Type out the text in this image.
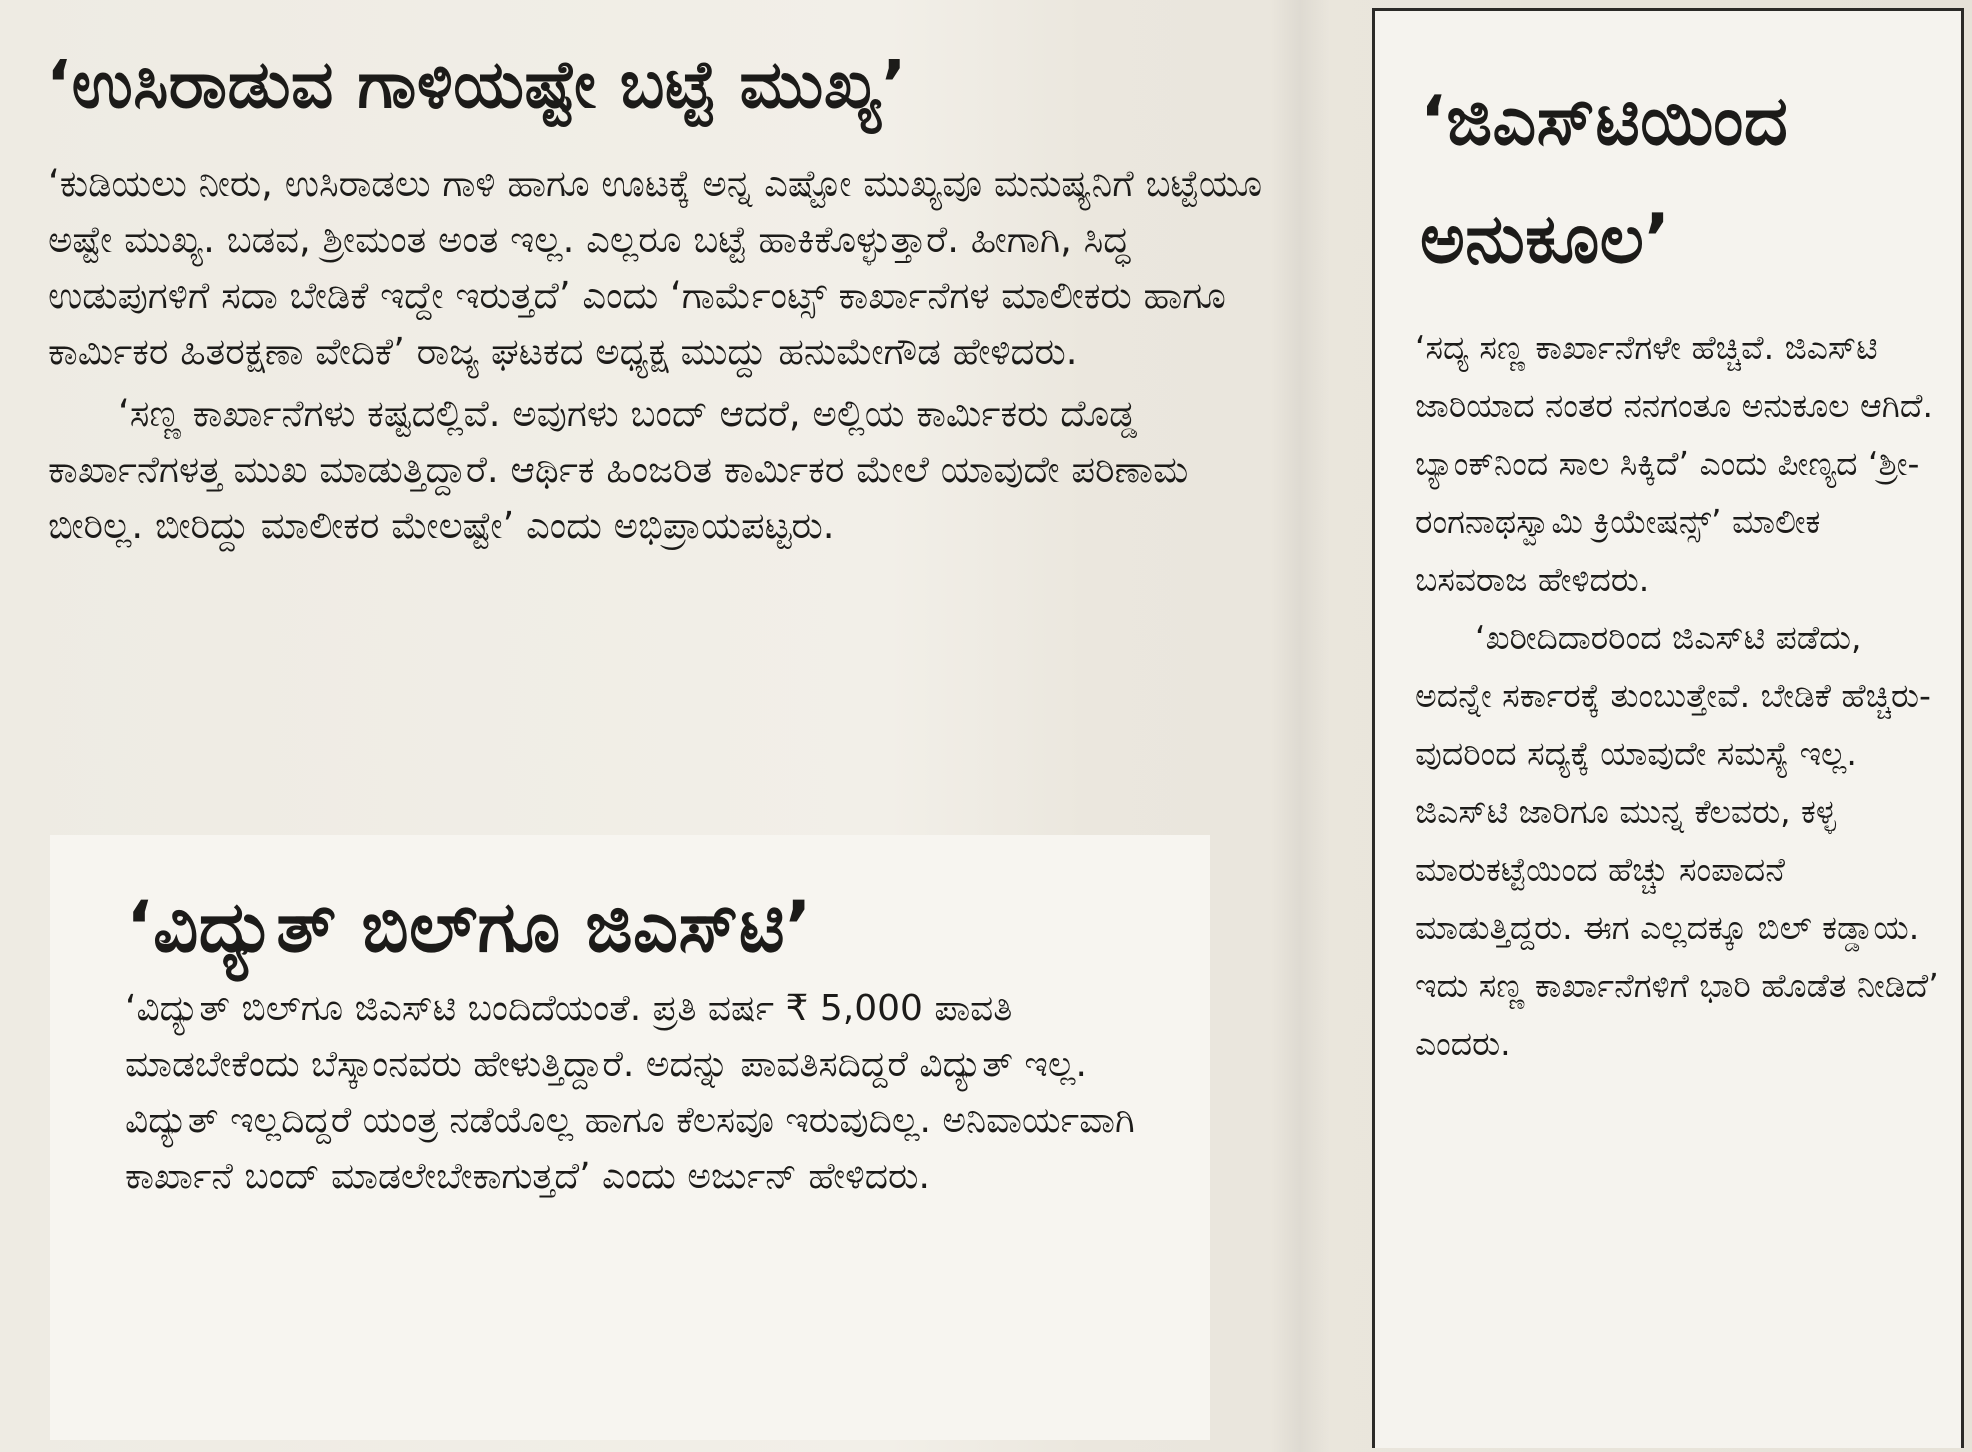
‘ಉಸಿರಾಡುವ ಗಾಳಿಯಷ್ಟೇ ಬಟ್ಟೆ ಮುಖ್ಯ’

‘ಕುಡಿಯಲು ನೀರು, ಉಸಿರಾಡಲು ಗಾಳಿ ಹಾಗೂ ಊಟಕ್ಕೆ ಅನ್ನ ಎಷ್ಟೋ ಮುಖ್ಯವೂ ಮನುಷ್ಯನಿಗೆ ಬಟ್ಟೆಯೂ ಅಷ್ಟೇ ಮುಖ್ಯ. ಬಡವ, ಶ್ರೀಮಂತ ಅಂತ ಇಲ್ಲ. ಎಲ್ಲರೂ ಬಟ್ಟೆ ಹಾಕಿಕೊಳ್ಳುತ್ತಾರೆ. ಹೀಗಾಗಿ, ಸಿದ್ಧ ಉಡುಪುಗಳಿಗೆ ಸದಾ ಬೇಡಿಕೆ ಇದ್ದೇ ಇರುತ್ತದೆ’ ಎಂದು ‘ಗಾರ್ಮೆಂಟ್ಸ್ ಕಾರ್ಖಾನೆಗಳ ಮಾಲೀಕರು ಹಾಗೂ ಕಾರ್ಮಿಕರ ಹಿತರಕ್ಷಣಾ ವೇದಿಕೆ’ ರಾಜ್ಯ ಘಟಕದ ಅಧ್ಯಕ್ಷ ಮುದ್ದು ಹನುಮೇಗೌಡ ಹೇಳಿದರು.

‘ಸಣ್ಣ ಕಾರ್ಖಾನೆಗಳು ಕಷ್ಟದಲ್ಲಿವೆ. ಅವುಗಳು ಬಂದ್ ಆದರೆ, ಅಲ್ಲಿಯ ಕಾರ್ಮಿಕರು ದೊಡ್ಡ ಕಾರ್ಖಾನೆಗಳತ್ತ ಮುಖ ಮಾಡುತ್ತಿದ್ದಾರೆ. ಆರ್ಥಿಕ ಹಿಂಜರಿತ ಕಾರ್ಮಿಕರ ಮೇಲೆ ಯಾವುದೇ ಪರಿಣಾಮ ಬೀರಿಲ್ಲ. ಬೀರಿದ್ದು ಮಾಲೀಕರ ಮೇಲಷ್ಟೇ’ ಎಂದು ಅಭಿಪ್ರಾಯಪಟ್ಟರು.

‘ವಿದ್ಯುತ್ ಬಿಲ್‌ಗೂ ಜಿಎಸ್‌ಟಿ’

‘ವಿದ್ಯುತ್ ಬಿಲ್‌ಗೂ ಜಿಎಸ್‌ಟಿ ಬಂದಿದೆಯಂತೆ. ಪ್ರತಿ ವರ್ಷ ₹ 5,000 ಪಾವತಿ ಮಾಡಬೇಕೆಂದು ಬೆಸ್ಕಾಂನವರು ಹೇಳುತ್ತಿದ್ದಾರೆ. ಅದನ್ನು ಪಾವತಿಸದಿದ್ದರೆ ವಿದ್ಯುತ್ ಇಲ್ಲ. ವಿದ್ಯುತ್ ಇಲ್ಲದಿದ್ದರೆ ಯಂತ್ರ ನಡೆಯೊಲ್ಲ ಹಾಗೂ ಕೆಲಸವೂ ಇರುವುದಿಲ್ಲ. ಅನಿವಾರ್ಯವಾಗಿ ಕಾರ್ಖಾನೆ ಬಂದ್ ಮಾಡಲೇಬೇಕಾಗುತ್ತದೆ’ ಎಂದು ಅರ್ಜುನ್ ಹೇಳಿದರು.

‘ಜಿಎಸ್‌ಟಿಯಿಂದ ಅನುಕೂಲ’

‘ಸದ್ಯ ಸಣ್ಣ ಕಾರ್ಖಾನೆಗಳೇ ಹೆಚ್ಚಿವೆ. ಜಿಎಸ್‌ಟಿ ಜಾರಿಯಾದ ನಂತರ ನನಗಂತೂ ಅನುಕೂಲ ಆಗಿದೆ. ಬ್ಯಾಂಕ್‌ನಿಂದ ಸಾಲ ಸಿಕ್ಕಿದೆ’ ಎಂದು ಪೀಣ್ಯದ ‘ಶ್ರೀ-ರಂಗನಾಥಸ್ವಾಮಿ ಕ್ರಿಯೇಷನ್ಸ್’ ಮಾಲೀಕ ಬಸವರಾಜ ಹೇಳಿದರು.

‘ಖರೀದಿದಾರರಿಂದ ಜಿಎಸ್‌ಟಿ ಪಡೆದು, ಅದನ್ನೇ ಸರ್ಕಾರಕ್ಕೆ ತುಂಬುತ್ತೇವೆ. ಬೇಡಿಕೆ ಹೆಚ್ಚಿರು-ವುದರಿಂದ ಸದ್ಯಕ್ಕೆ ಯಾವುದೇ ಸಮಸ್ಯೆ ಇಲ್ಲ. ಜಿಎಸ್‌ಟಿ ಜಾರಿಗೂ ಮುನ್ನ ಕೆಲವರು, ಕಳ್ಳ ಮಾರುಕಟ್ಟೆಯಿಂದ ಹೆಚ್ಚು ಸಂಪಾದನೆ ಮಾಡುತ್ತಿದ್ದರು. ಈಗ ಎಲ್ಲದಕ್ಕೂ ಬಿಲ್ ಕಡ್ಡಾಯ. ಇದು ಸಣ್ಣ ಕಾರ್ಖಾನೆಗಳಿಗೆ ಭಾರಿ ಹೊಡೆತ ನೀಡಿದೆ’ ಎಂದರು.
